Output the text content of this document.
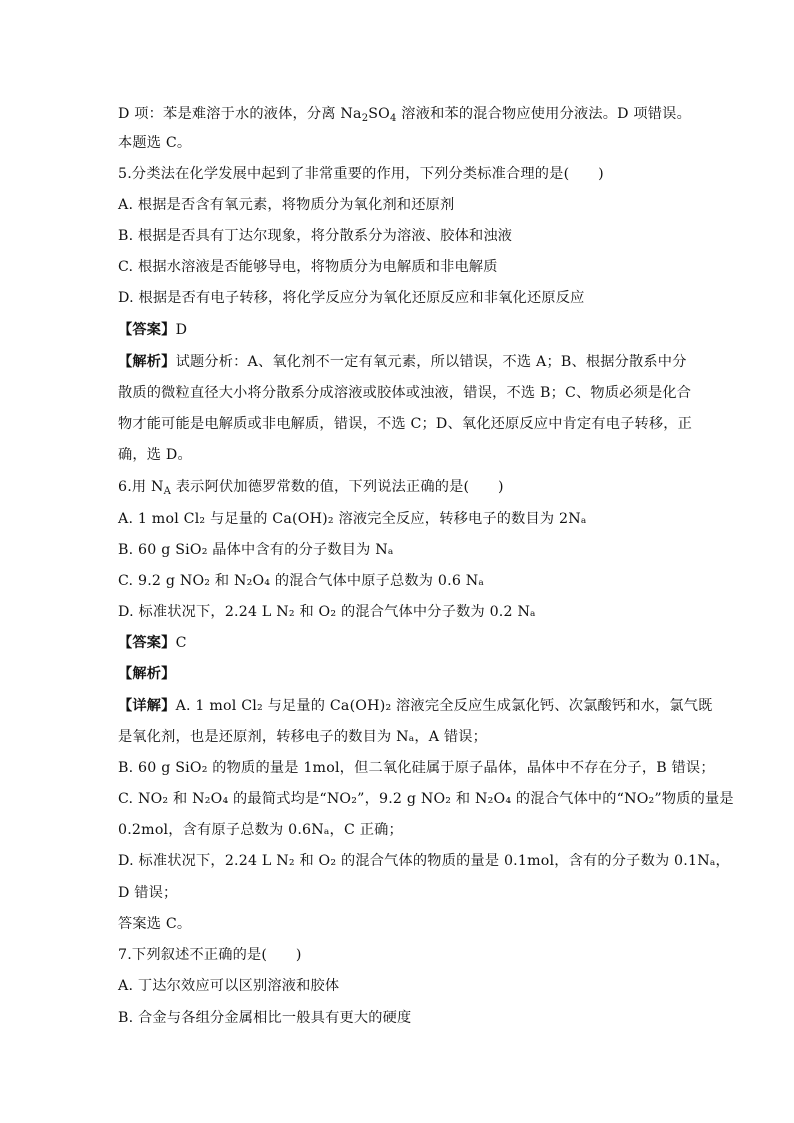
D 项：苯是难溶于水的液体，分离 $Na_2SO_4$ 溶液和苯的混合物应使用分液法。D 项错误。
本题选 C。
5.分类法在化学发展中起到了非常重要的作用，下列分类标准合理的是(　　)
A. 根据是否含有氧元素，将物质分为氧化剂和还原剂
B. 根据是否具有丁达尔现象，将分散系分为溶液、胶体和浊液
C. 根据水溶液是否能够导电，将物质分为电解质和非电解质
D. 根据是否有电子转移，将化学反应分为氧化还原反应和非氧化还原反应
【答案】D
【解析】试题分析：A、氧化剂不一定有氧元素，所以错误，不选 A；B、根据分散系中分
散质的微粒直径大小将分散系分成溶液或胶体或浊液，错误，不选 B；C、物质必须是化合
物才能可能是电解质或非电解质，错误，不选 C；D、氧化还原反应中肯定有电子转移，正
确，选 D。
6.用 $N_A$ 表示阿伏加德罗常数的值，下列说法正确的是(　　)
A. 1 mol Cl₂ 与足量的 Ca(OH)₂ 溶液完全反应，转移电子的数目为 2Nₐ
B. 60 g SiO₂ 晶体中含有的分子数目为 Nₐ
C. 9.2 g NO₂ 和 N₂O₄ 的混合气体中原子总数为 0.6 Nₐ
D. 标准状况下，2.24 L N₂ 和 O₂ 的混合气体中分子数为 0.2 Nₐ
【答案】C
【解析】
【详解】A. 1 mol Cl₂ 与足量的 Ca(OH)₂ 溶液完全反应生成氯化钙、次氯酸钙和水，氯气既
是氧化剂，也是还原剂，转移电子的数目为 Nₐ，A 错误；
B. 60 g SiO₂ 的物质的量是 1mol，但二氧化硅属于原子晶体，晶体中不存在分子，B 错误；
C. NO₂ 和 N₂O₄ 的最简式均是“NO₂”，9.2 g NO₂ 和 N₂O₄ 的混合气体中的“NO₂”物质的量是
0.2mol，含有原子总数为 0.6Nₐ，C 正确；
D. 标准状况下，2.24 L N₂ 和 O₂ 的混合气体的物质的量是 0.1mol，含有的分子数为 0.1Nₐ，
D 错误；
答案选 C。
7.下列叙述不正确的是(　　)
A. 丁达尔效应可以区别溶液和胶体
B. 合金与各组分金属相比一般具有更大的硬度
